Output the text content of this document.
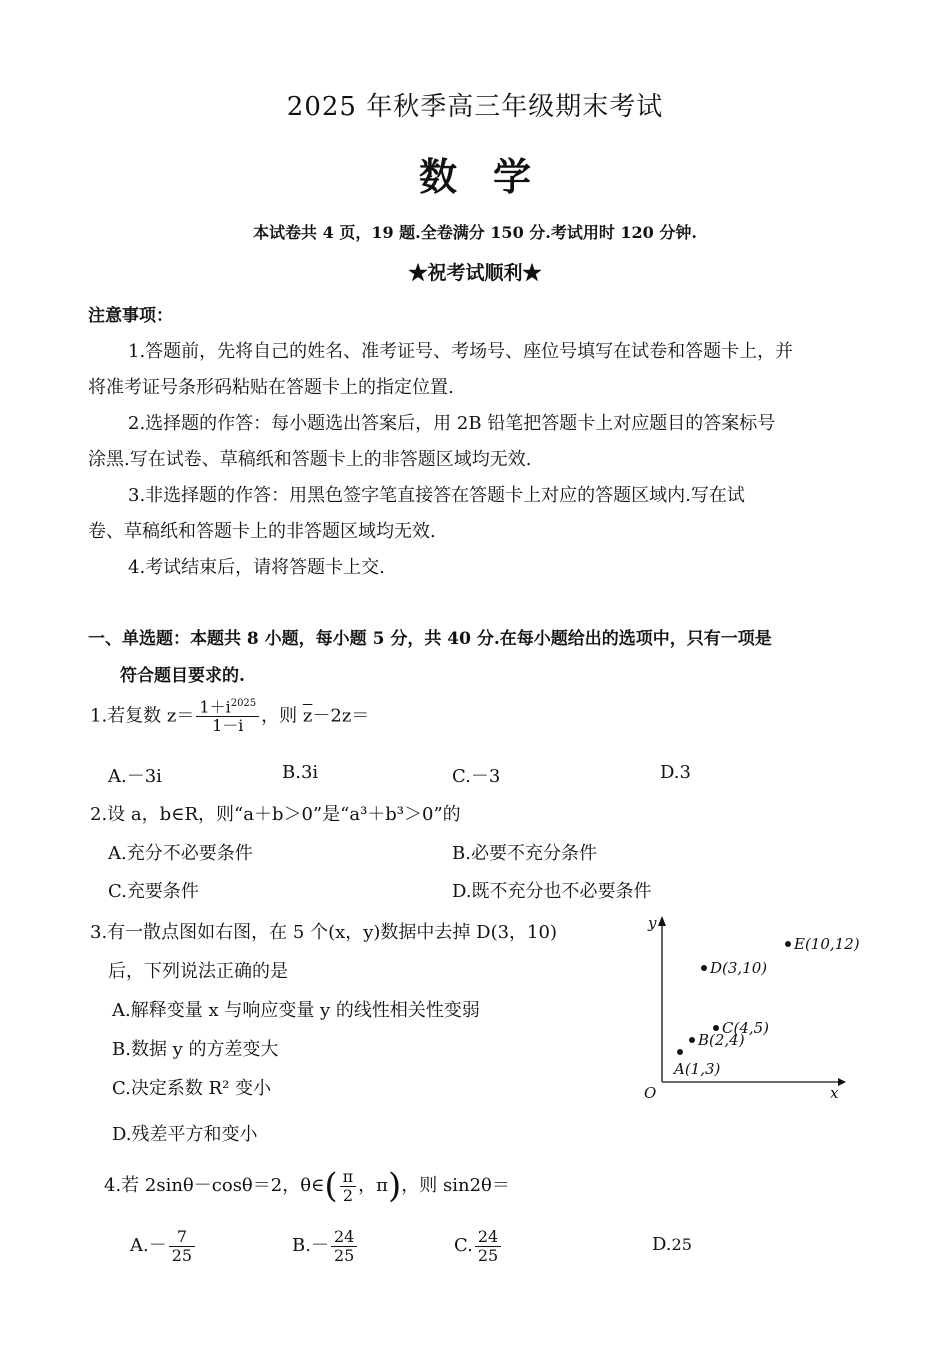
2025 年秋季高三年级期末考试
数学
本试卷共 4 页，19 题.全卷满分 150 分.考试用时 120 分钟.
★祝考试顺利★
注意事项：
1.答题前，先将自己的姓名、准考证号、考场号、座位号填写在试卷和答题卡上，并
将准考证号条形码粘贴在答题卡上的指定位置.
2.选择题的作答：每小题选出答案后，用 2B 铅笔把答题卡上对应题目的答案标号
涂黑.写在试卷、草稿纸和答题卡上的非答题区域均无效.
3.非选择题的作答：用黑色签字笔直接答在答题卡上对应的答题区域内.写在试
卷、草稿纸和答题卡上的非答题区域均无效.
4.考试结束后，请将答题卡上交.
一、单选题：本题共 8 小题，每小题 5 分，共 40 分.在每小题给出的选项中，只有一项是
符合题目要求的.
1.若复数 $z= \frac{1+i^{2025}}{1-i}$ ，则 $\overline{z}-2z=$
A.－3i	B.3i	C.－3	D.3
2.设 a，b∈R，则“a＋b＞0”是“a³＋b³＞0”的
A.充分不必要条件	B.必要不充分条件
C.充要条件	D.既不充分也不必要条件
3.有一散点图如右图，在 5 个(x，y)数据中去掉 D(3，10)
后，下列说法正确的是
A.解释变量 x 与响应变量 y 的线性相关性变弱
B.数据 y 的方差变大
C.决定系数 R² 变小
D.残差平方和变小
x
y
O
A(1,3)
B(2,4)
C(4,5)
D(3,10)
E(10,12)
4.若 2sinθ－cosθ＝2，θ∈( $\frac{\pi}{2}$ ，π)，则 sin2θ＝
$A.- \frac{7}{25}$	$B.- \frac{24}{25}$	C. $\frac{24}{25}$	D.25
